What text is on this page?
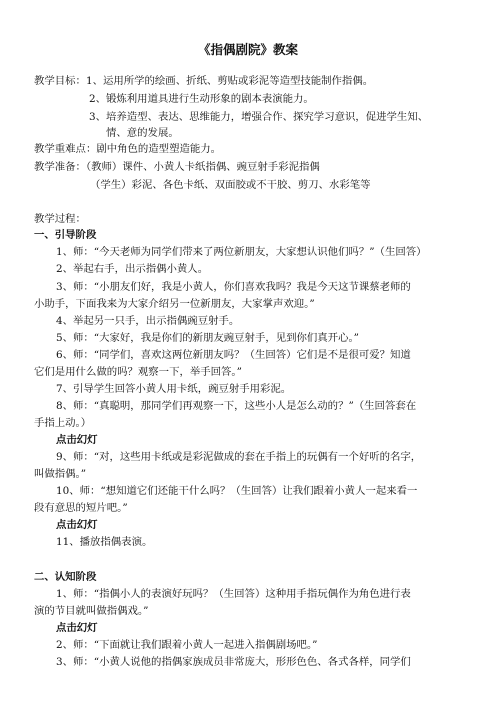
《指偶剧院》教案
教学目标：1、运用所学的绘画、折纸、剪贴或彩泥等造型技能制作指偶。
2、锻炼利用道具进行生动形象的剧本表演能力。
3、培养造型、表达、思维能力，增强合作、探究学习意识，促进学生知、
情、意的发展。
教学重难点：剧中角色的造型塑造能力。
教学准备：（教师）课件、小黄人卡纸指偶、豌豆射手彩泥指偶
（学生）彩泥、各色卡纸、双面胶或不干胶、剪刀、水彩笔等
教学过程：
一、引导阶段
1、师：“今天老师为同学们带来了两位新朋友，大家想认识他们吗？”（生回答）
2、举起右手，出示指偶小黄人。
3、师：“小朋友们好，我是小黄人，你们喜欢我吗？我是今天这节课蔡老师的
小助手，下面我来为大家介绍另一位新朋友，大家掌声欢迎。”
4、举起另一只手，出示指偶豌豆射手。
5、师：“大家好，我是你们的新朋友豌豆射手，见到你们真开心。”
6、师：“同学们，喜欢这两位新朋友吗？（生回答）它们是不是很可爱？知道
它们是用什么做的吗？观察一下，举手回答。”
7、引导学生回答小黄人用卡纸，豌豆射手用彩泥。
8、师：“真聪明，那同学们再观察一下，这些小人是怎么动的？”（生回答套在
手指上动。）
点击幻灯
9、师：“对，这些用卡纸或是彩泥做成的套在手指上的玩偶有一个好听的名字，
叫做指偶。”
10、师：“想知道它们还能干什么吗？（生回答）让我们跟着小黄人一起来看一
段有意思的短片吧。”
点击幻灯
11、播放指偶表演。
二、认知阶段
1、师：“指偶小人的表演好玩吗？（生回答）这种用手指玩偶作为角色进行表
演的节目就叫做指偶戏。”
点击幻灯
2、师：“下面就让我们跟着小黄人一起进入指偶剧场吧。”
3、师：“小黄人说他的指偶家族成员非常庞大，形形色色、各式各样，同学们
